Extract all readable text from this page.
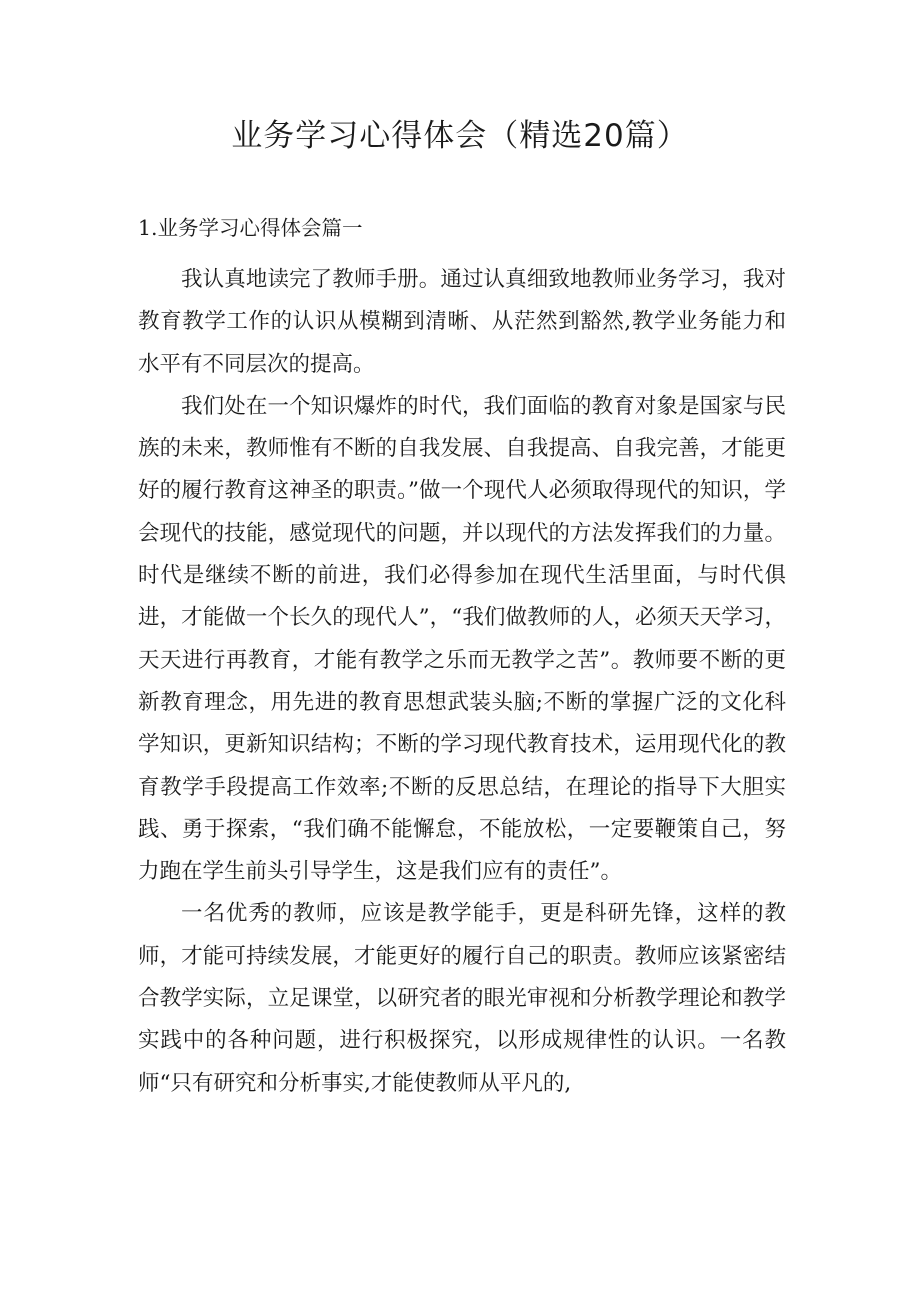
业务学习心得体会（精选20篇）

1.业务学习心得体会篇一

我认真地读完了教师手册。通过认真细致地教师业务学习，我对教育教学工作的认识从模糊到清晰、从茫然到豁然,教学业务能力和水平有不同层次的提高。

我们处在一个知识爆炸的时代，我们面临的教育对象是国家与民族的未来，教师惟有不断的自我发展、自我提高、自我完善，才能更好的履行教育这神圣的职责。”做一个现代人必须取得现代的知识，学会现代的技能，感觉现代的问题，并以现代的方法发挥我们的力量。时代是继续不断的前进，我们必得参加在现代生活里面，与时代俱进，才能做一个长久的现代人”，“我们做教师的人，必须天天学习，天天进行再教育，才能有教学之乐而无教学之苦”。教师要不断的更新教育理念，用先进的教育思想武装头脑;不断的掌握广泛的文化科学知识，更新知识结构；不断的学习现代教育技术，运用现代化的教育教学手段提高工作效率;不断的反思总结，在理论的指导下大胆实践、勇于探索，“我们确不能懈怠，不能放松，一定要鞭策自己，努力跑在学生前头引导学生，这是我们应有的责任”。

一名优秀的教师，应该是教学能手，更是科研先锋，这样的教师，才能可持续发展，才能更好的履行自己的职责。教师应该紧密结合教学实际，立足课堂，以研究者的眼光审视和分析教学理论和教学实践中的各种问题，进行积极探究，以形成规律性的认识。一名教师“只有研究和分析事实,才能使教师从平凡的,
